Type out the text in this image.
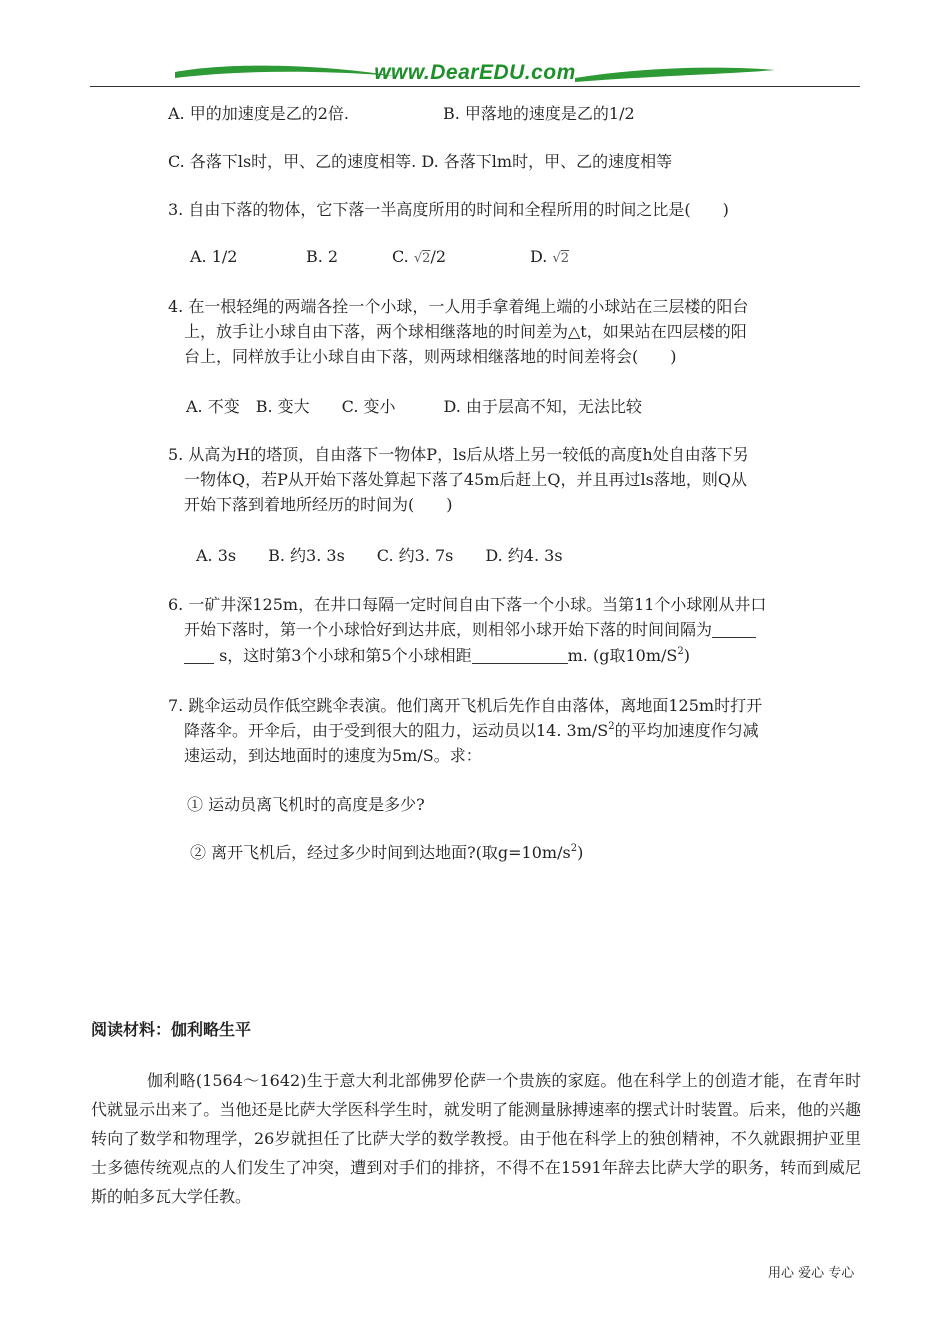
www.DearEDU.com
A. 甲的加速度是乙的2倍.	B. 甲落地的速度是乙的1/2
C. 各落下ls时，甲、乙的速度相等. D. 各落下lm时，甲、乙的速度相等
3. 自由下落的物体，它下落一半高度所用的时间和全程所用的时间之比是(　　)
A. 1/2	B. 2	C. √2/2	D. √2
4. 在一根轻绳的两端各拴一个小球，一人用手拿着绳上端的小球站在三层楼的阳台
上，放手让小球自由下落，两个球相继落地的时间差为△t，如果站在四层楼的阳
台上，同样放手让小球自由下落，则两球相继落地的时间差将会(　　)
A. 不变　B. 变大　　C. 变小　　　D. 由于层高不知，无法比较
5. 从高为H的塔顶，自由落下一物体P，ls后从塔上另一较低的高度h处自由落下另
一物体Q，若P从开始下落处算起下落了45m后赶上Q，并且再过ls落地，则Q从
开始下落到着地所经历的时间为(　　)
A. 3s　　B. 约3. 3s　　C. 约3. 7s　　D. 约4. 3s
6. 一矿井深125m，在井口每隔一定时间自由下落一个小球。当第11个小球刚从井口
开始下落时，第一个小球恰好到达井底，则相邻小球开始下落的时间间隔为
s，这时第3个小球和第5个小球相距	m. (g取$10m/S^2$)
7. 跳伞运动员作低空跳伞表演。他们离开飞机后先作自由落体，离地面125m时打开
降落伞。开伞后，由于受到很大的阻力，运动员以14. $3m/S^2$的平均加速度作匀减
速运动，到达地面时的速度为5m/S。求：
① 运动员离飞机时的高度是多少?
② 离开飞机后，经过多少时间到达地面?(取$g=10m/s^2$)
阅读材料：伽利略生平
伽利略(1564～1642)生于意大利北部佛罗伦萨一个贵族的家庭。他在科学上的创造才能，在青年时代就显示出来了。当他还是比萨大学医科学生时，就发明了能测量脉搏速率的摆式计时装置。后来，他的兴趣转向了数学和物理学，26岁就担任了比萨大学的数学教授。由于他在科学上的独创精神，不久就跟拥护亚里士多德传统观点的人们发生了冲突，遭到对手们的排挤，不得不在1591年辞去比萨大学的职务，转而到威尼斯的帕多瓦大学任教。
用心 爱心 专心
